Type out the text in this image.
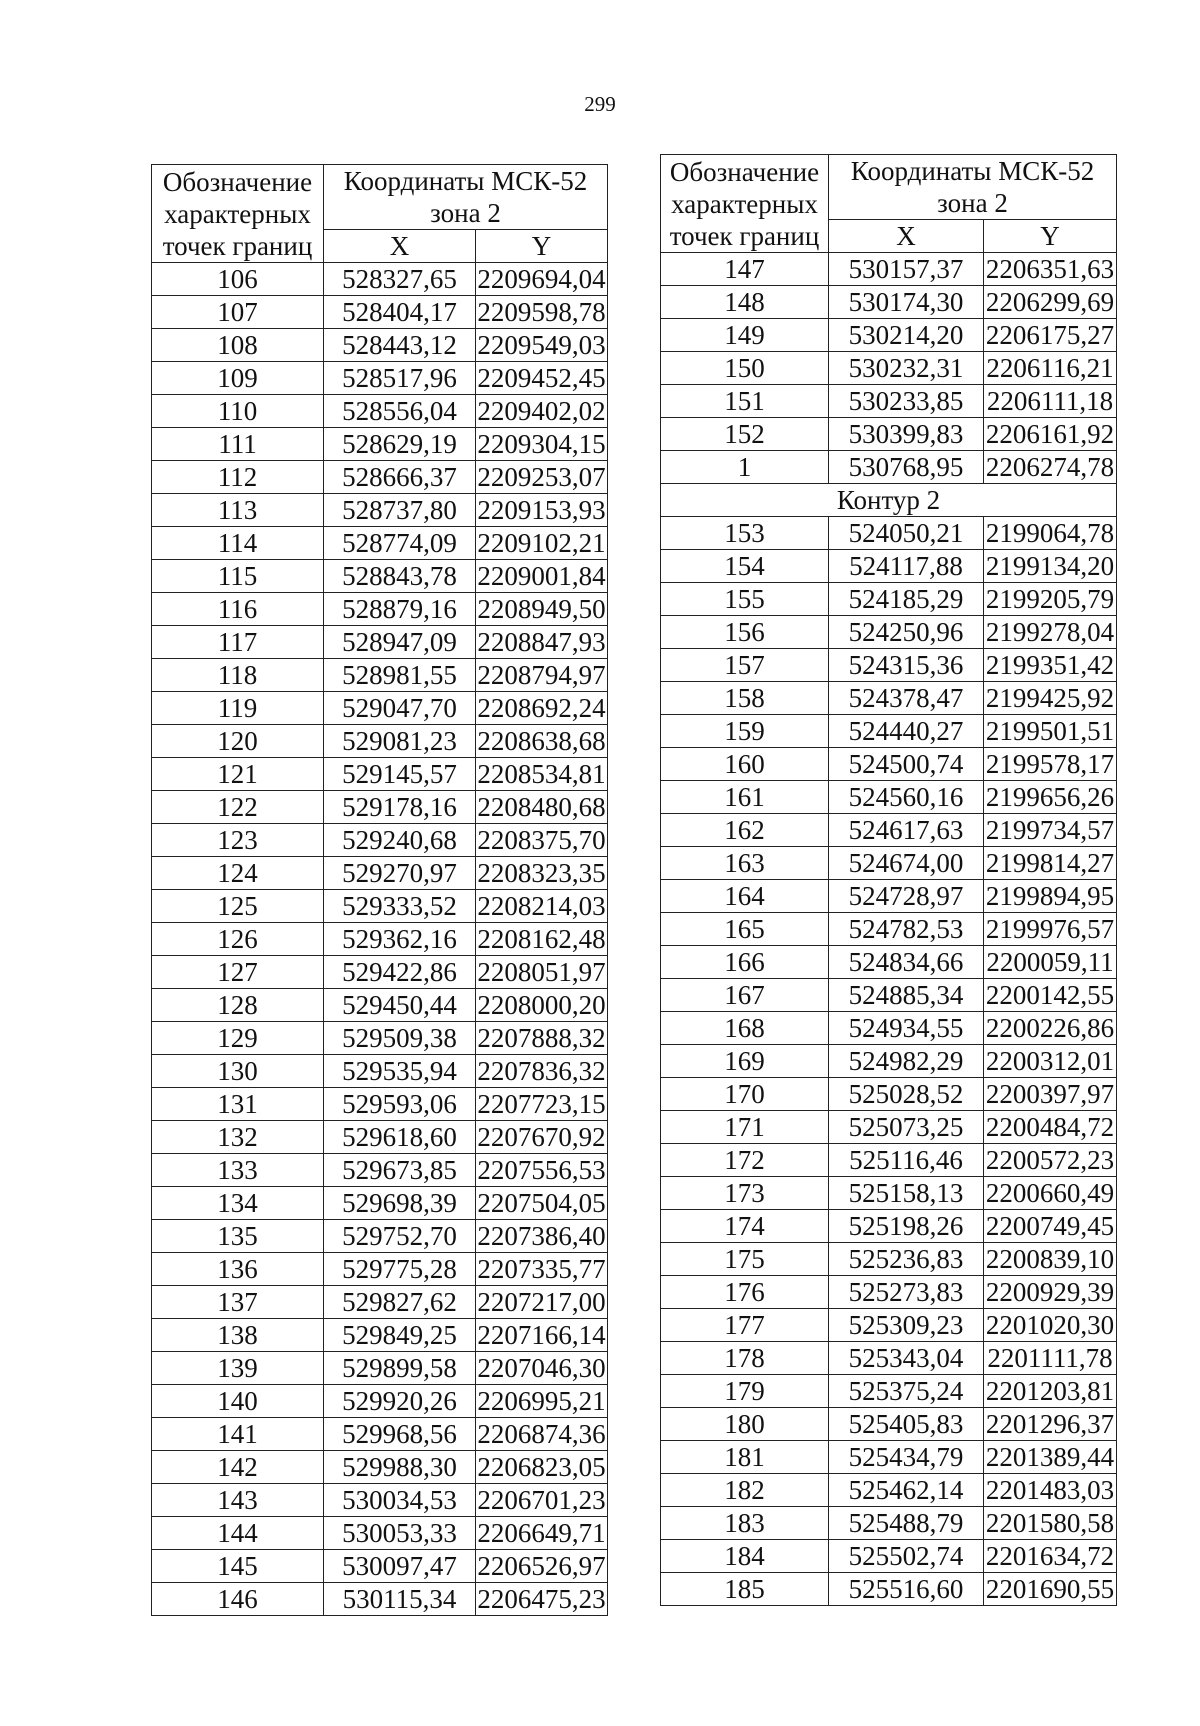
299
Обозначение характерных точек границ	Координаты МСК-52 зона 2	

	X	Y
106	528327,65	2209694,04
107	528404,17	2209598,78
108	528443,12	2209549,03
109	528517,96	2209452,45
110	528556,04	2209402,02
111	528629,19	2209304,15
112	528666,37	2209253,07
113	528737,80	2209153,93
114	528774,09	2209102,21
115	528843,78	2209001,84
116	528879,16	2208949,50
117	528947,09	2208847,93
118	528981,55	2208794,97
119	529047,70	2208692,24
120	529081,23	2208638,68
121	529145,57	2208534,81
122	529178,16	2208480,68
123	529240,68	2208375,70
124	529270,97	2208323,35
125	529333,52	2208214,03
126	529362,16	2208162,48
127	529422,86	2208051,97
128	529450,44	2208000,20
129	529509,38	2207888,32
130	529535,94	2207836,32
131	529593,06	2207723,15
132	529618,60	2207670,92
133	529673,85	2207556,53
134	529698,39	2207504,05
135	529752,70	2207386,40
136	529775,28	2207335,77
137	529827,62	2207217,00
138	529849,25	2207166,14
139	529899,58	2207046,30
140	529920,26	2206995,21
141	529968,56	2206874,36
142	529988,30	2206823,05
143	530034,53	2206701,23
144	530053,33	2206649,71
145	530097,47	2206526,97
146	530115,34	2206475,23
Обозначение характерных точек границ	Координаты МСК-52 зона 2	

	X	Y
147	530157,37	2206351,63
148	530174,30	2206299,69
149	530214,20	2206175,27
150	530232,31	2206116,21
151	530233,85	2206111,18
152	530399,83	2206161,92
1	530768,95	2206274,78
Контур 2		
153	524050,21	2199064,78
154	524117,88	2199134,20
155	524185,29	2199205,79
156	524250,96	2199278,04
157	524315,36	2199351,42
158	524378,47	2199425,92
159	524440,27	2199501,51
160	524500,74	2199578,17
161	524560,16	2199656,26
162	524617,63	2199734,57
163	524674,00	2199814,27
164	524728,97	2199894,95
165	524782,53	2199976,57
166	524834,66	2200059,11
167	524885,34	2200142,55
168	524934,55	2200226,86
169	524982,29	2200312,01
170	525028,52	2200397,97
171	525073,25	2200484,72
172	525116,46	2200572,23
173	525158,13	2200660,49
174	525198,26	2200749,45
175	525236,83	2200839,10
176	525273,83	2200929,39
177	525309,23	2201020,30
178	525343,04	2201111,78
179	525375,24	2201203,81
180	525405,83	2201296,37
181	525434,79	2201389,44
182	525462,14	2201483,03
183	525488,79	2201580,58
184	525502,74	2201634,72
185	525516,60	2201690,55
